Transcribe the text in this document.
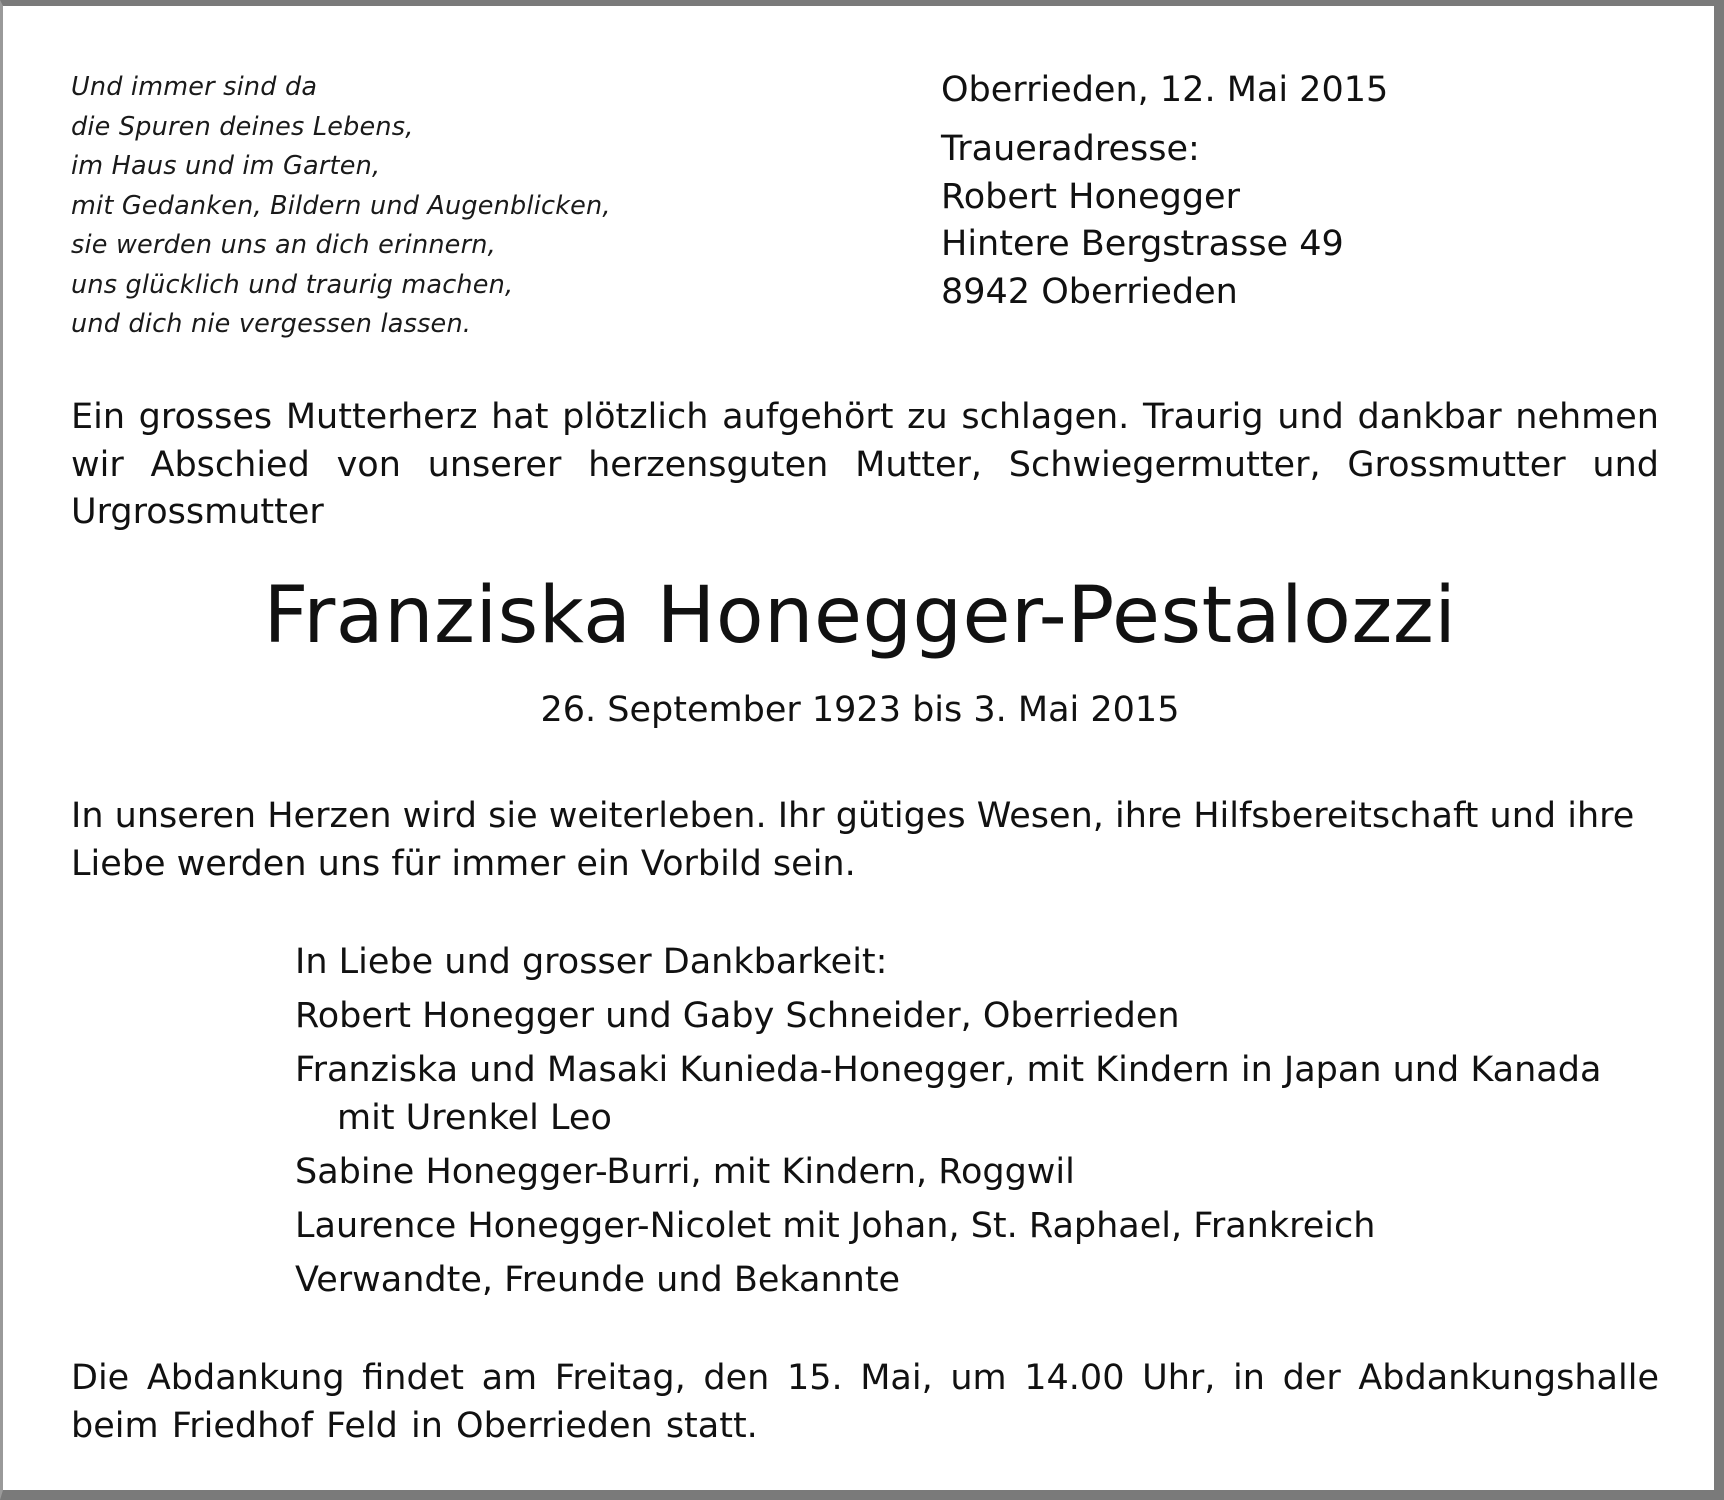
Und immer sind da
die Spuren deines Lebens,
im Haus und im Garten,
mit Gedanken, Bildern und Augenblicken,
sie werden uns an dich erinnern,
uns glücklich und traurig machen,
und dich nie vergessen lassen.
Oberrieden, 12. Mai 2015
Traueradresse:
Robert Honegger
Hintere Bergstrasse 49
8942 Oberrieden
Ein grosses Mutterherz hat plötzlich aufgehört zu schlagen. Traurig und dankbar nehmen wir Abschied von unserer herzensguten Mutter, Schwiegermutter, Grossmutter und Urgrossmutter
Franziska Honegger-Pestalozzi
26. September 1923 bis 3. Mai 2015
In unseren Herzen wird sie weiterleben. Ihr gütiges Wesen, ihre Hilfsbereitschaft und ihre Liebe werden uns für immer ein Vorbild sein.
In Liebe und grosser Dankbarkeit:
Robert Honegger und Gaby Schneider, Oberrieden
Franziska und Masaki Kunieda-Honegger, mit Kindern in Japan und Kanada
mit Urenkel Leo
Sabine Honegger-Burri, mit Kindern, Roggwil
Laurence Honegger-Nicolet mit Johan, St. Raphael, Frankreich
Verwandte, Freunde und Bekannte
Die Abdankung findet am Freitag, den 15. Mai, um 14.00 Uhr, in der Abdankungshalle beim Friedhof Feld in Oberrieden statt.
